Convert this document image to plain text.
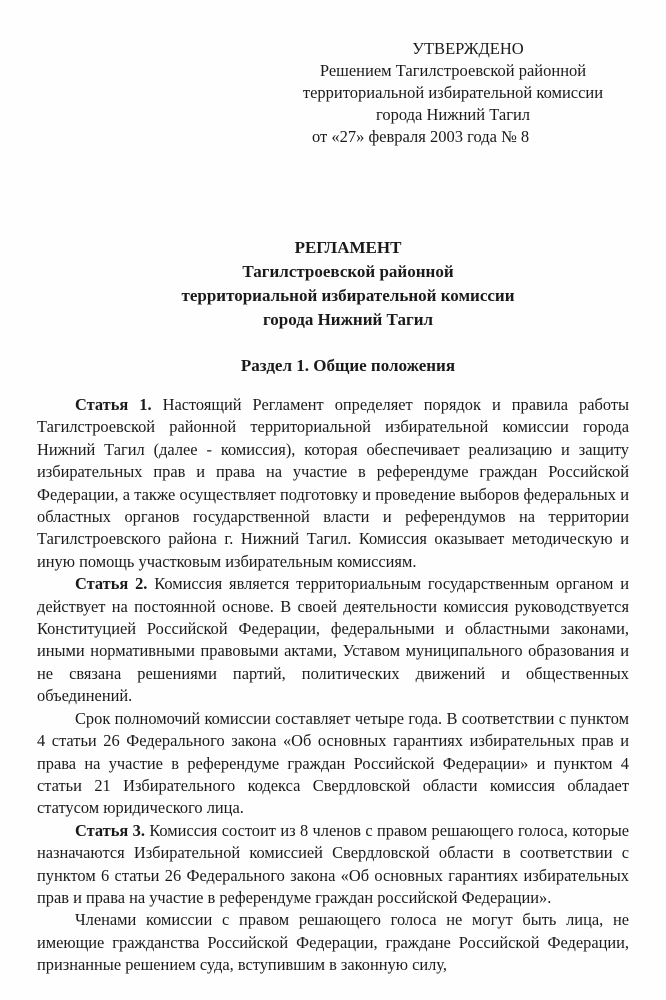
УТВЕРЖДЕНО
Решением Тагилстроевской районной
территориальной избирательной комиссии
города Нижний Тагил
от «27» февраля 2003 года № 8
РЕГЛАМЕНТ
Тагилстроевской районной
территориальной избирательной комиссии
города Нижний Тагил
Раздел 1. Общие положения

Статья 1. Настоящий Регламент определяет порядок и правила работы Тагилстроевской районной территориальной избирательной комиссии города Нижний Тагил (далее - комиссия), которая обеспечивает реализацию и защиту избирательных прав и права на участие в референдуме граждан Российской Федерации, а также осуществляет подготовку и проведение выборов федеральных и областных органов государственной власти и референдумов на территории Тагилстроевского района г. Нижний Тагил. Комиссия оказывает методическую и иную помощь участковым избирательным комиссиям.

Статья 2. Комиссия является территориальным государственным органом и действует на постоянной основе. В своей деятельности комиссия руководствуется Конституцией Российской Федерации, федеральными и областными законами, иными нормативными правовыми актами, Уставом муниципального образования и не связана решениями партий, политических движений и общественных объединений.

Срок полномочий комиссии составляет четыре года. В соответствии с пунктом 4 статьи 26 Федерального закона «Об основных гарантиях избирательных прав и права на участие в референдуме граждан Российской Федерации» и пунктом 4 статьи 21 Избирательного кодекса Свердловской области комиссия обладает статусом юридического лица.

Статья 3. Комиссия состоит из 8 членов с правом решающего голоса, которые назначаются Избирательной комиссией Свердловской области в соответствии с пунктом 6 статьи 26 Федерального закона «Об основных гарантиях избирательных прав и права на участие в референдуме граждан российской Федерации».

Членами комиссии с правом решающего голоса не могут быть лица, не имеющие гражданства Российской Федерации, граждане Российской Федерации, признанные решением суда, вступившим в законную силу,
